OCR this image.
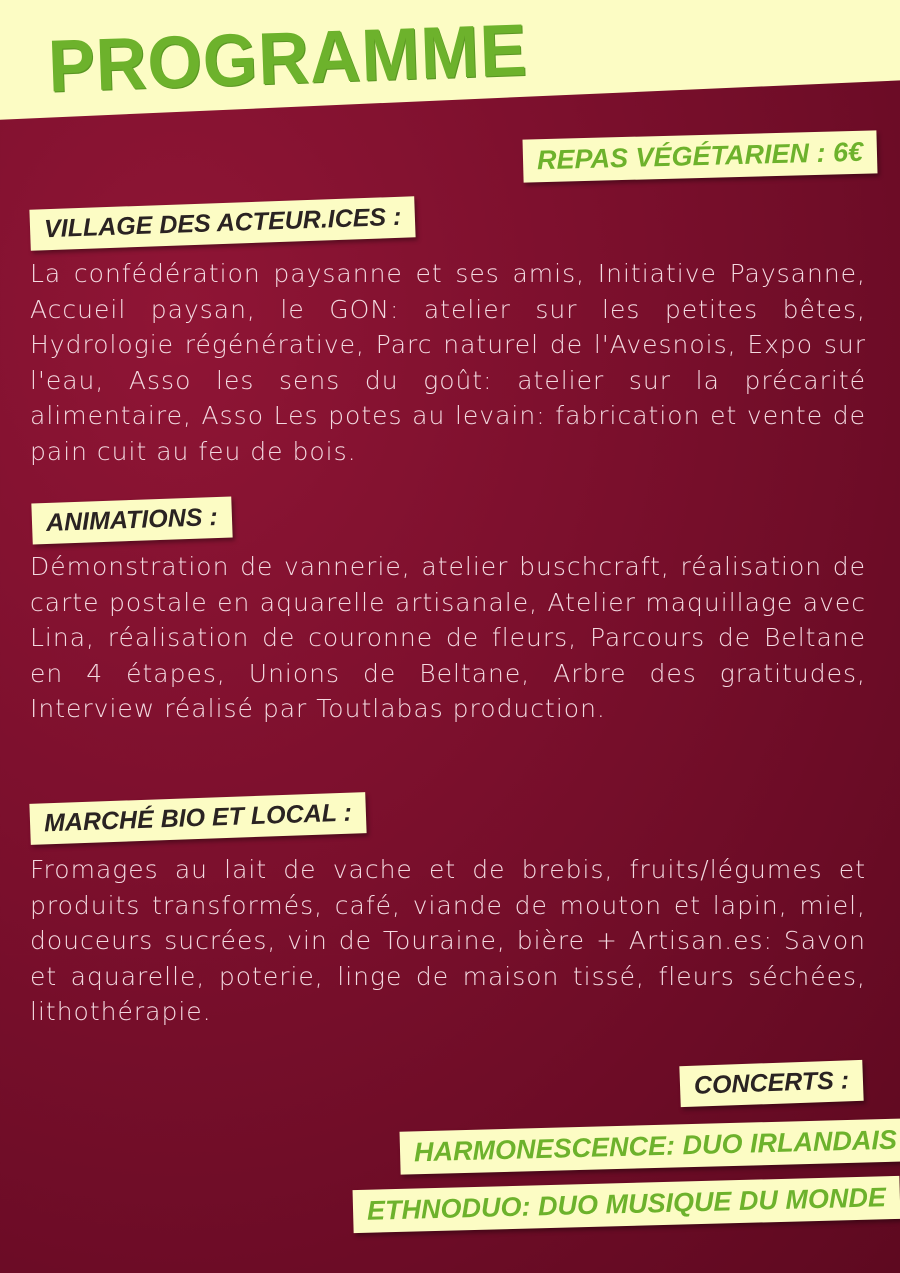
PROGRAMME
REPAS VÉGÉTARIEN : 6€
VILLAGE DES ACTEUR.ICES :

La confédération paysanne et ses amis, Initiative Paysanne, Accueil paysan, le GON: atelier sur les petites bêtes, Hydrologie régénérative, Parc naturel de l'Avesnois, Expo sur l'eau, Asso les sens du goût: atelier sur la précarité alimentaire, Asso Les potes au levain: fabrication et vente de pain cuit au feu de bois.

ANIMATIONS :

Démonstration de vannerie, atelier buschcraft, réalisation de carte postale en aquarelle artisanale, Atelier maquillage avec Lina, réalisation de couronne de fleurs, Parcours de Beltane en 4 étapes, Unions de Beltane, Arbre des gratitudes, Interview réalisé par Toutlabas production.

MARCHÉ BIO ET LOCAL :

Fromages au lait de vache et de brebis, fruits/légumes et produits transformés, café, viande de mouton et lapin, miel, douceurs sucrées, vin de Touraine, bière + Artisan.es: Savon et aquarelle, poterie, linge de maison tissé, fleurs séchées, lithothérapie.

CONCERTS :
HARMONESCENCE: DUO IRLANDAIS
ETHNODUO: DUO MUSIQUE DU MONDE
